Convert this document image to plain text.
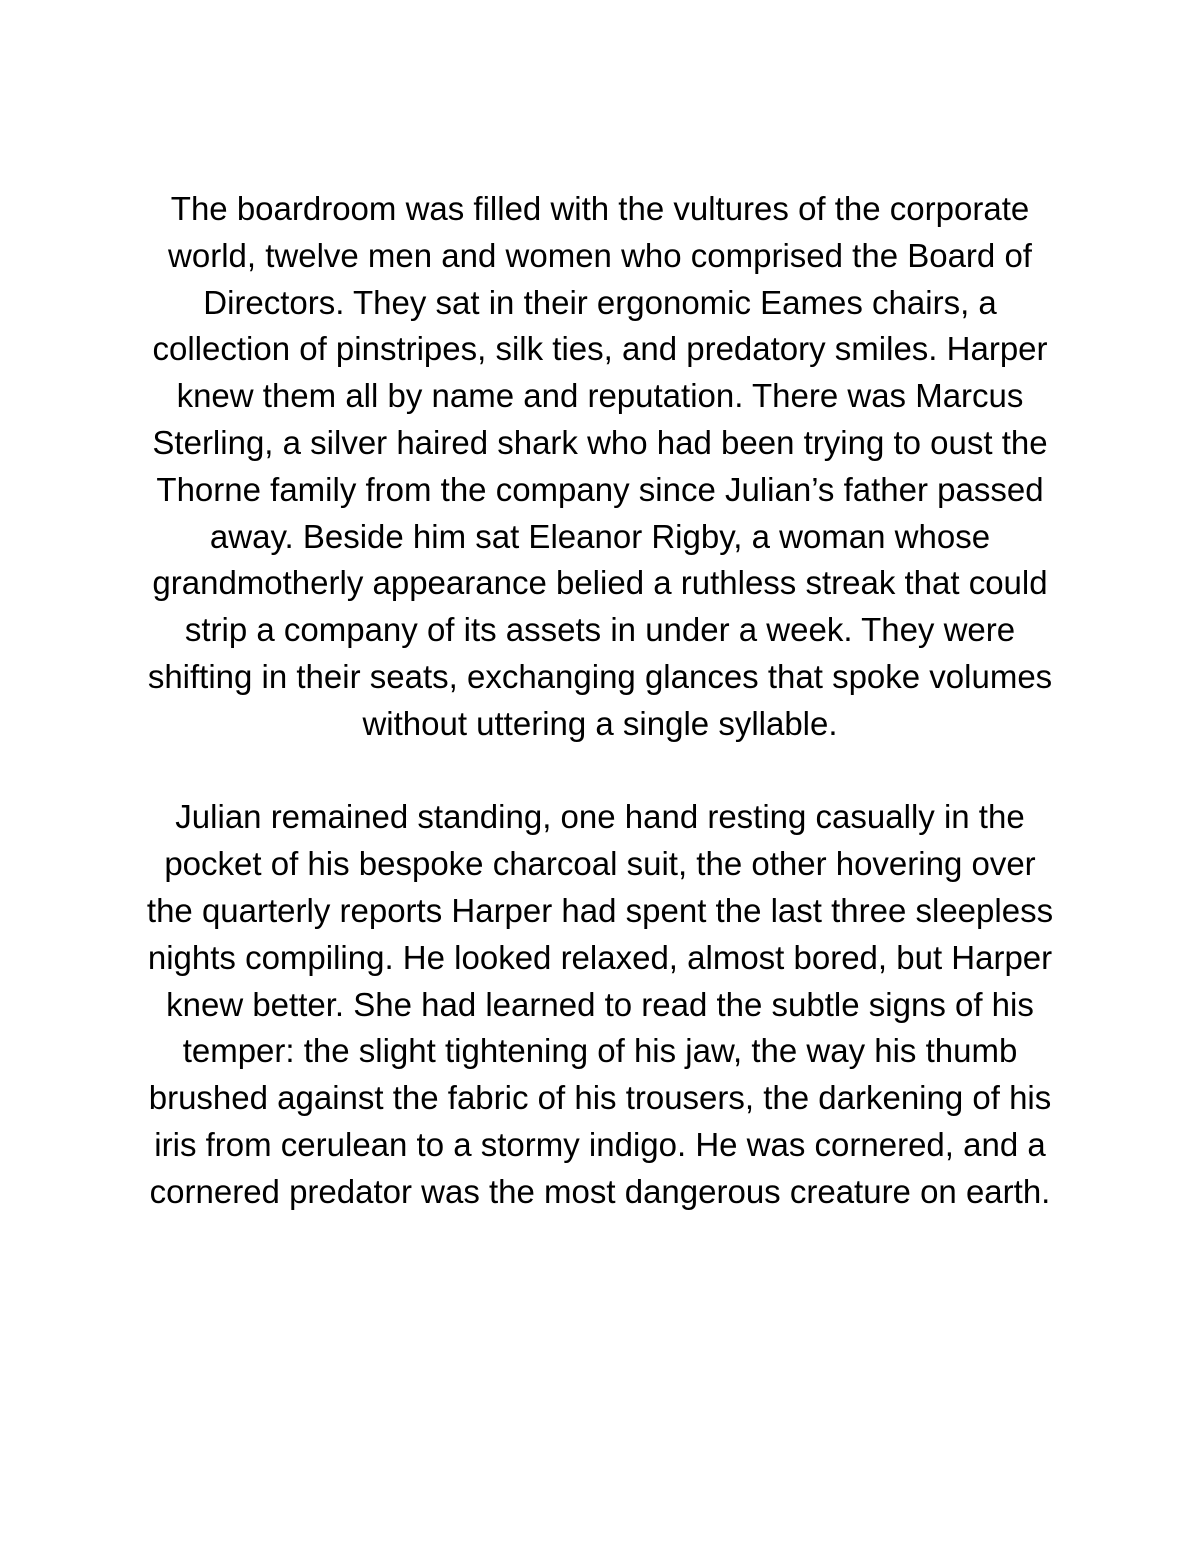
The boardroom was filled with the vultures of the corporate world, twelve men and women who comprised the Board of Directors. They sat in their ergonomic Eames chairs, a collection of pinstripes, silk ties, and predatory smiles. Harper knew them all by name and reputation. There was Marcus Sterling, a silver haired shark who had been trying to oust the Thorne family from the company since Julian’s father passed away. Beside him sat Eleanor Rigby, a woman whose grandmotherly appearance belied a ruthless streak that could strip a company of its assets in under a week. They were shifting in their seats, exchanging glances that spoke volumes without uttering a single syllable.

Julian remained standing, one hand resting casually in the pocket of his bespoke charcoal suit, the other hovering over the quarterly reports Harper had spent the last three sleepless nights compiling. He looked relaxed, almost bored, but Harper knew better. She had learned to read the subtle signs of his temper: the slight tightening of his jaw, the way his thumb brushed against the fabric of his trousers, the darkening of his iris from cerulean to a stormy indigo. He was cornered, and a cornered predator was the most dangerous creature on earth.
